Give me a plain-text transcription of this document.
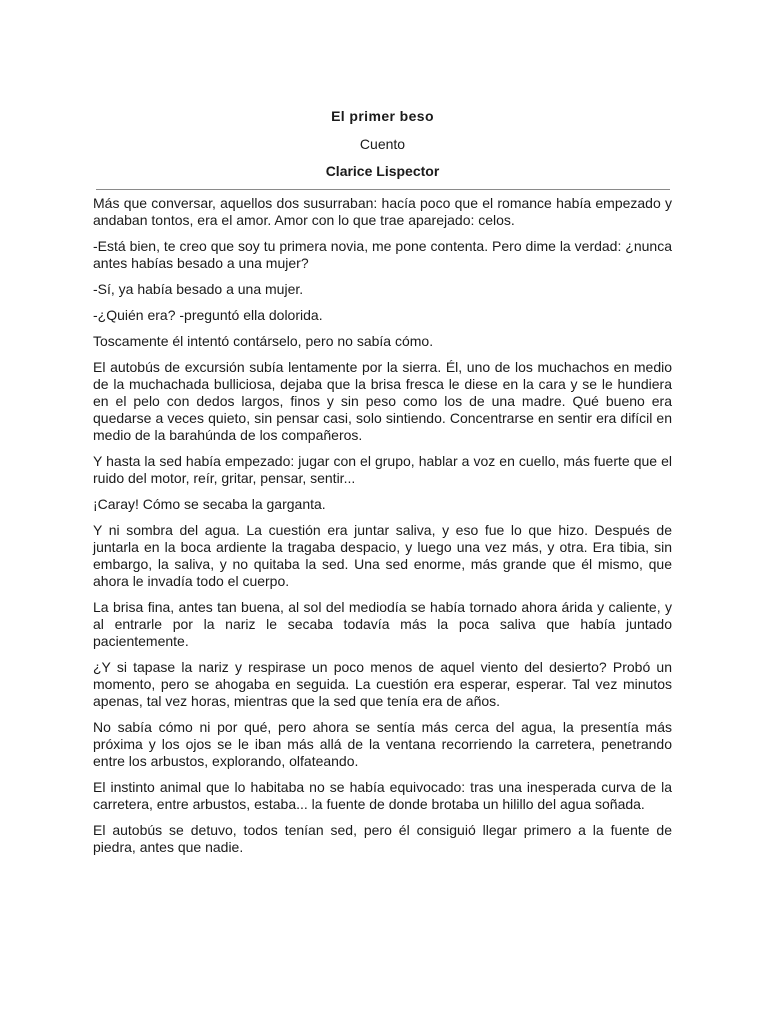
El primer beso
Cuento
Clarice Lispector

Más que conversar, aquellos dos susurraban: hacía poco que el romance había empezado y andaban tontos, era el amor. Amor con lo que trae aparejado: celos.

-Está bien, te creo que soy tu primera novia, me pone contenta. Pero dime la verdad: ¿nunca antes habías besado a una mujer?

-Sí, ya había besado a una mujer.

-¿Quién era? -preguntó ella dolorida.

Toscamente él intentó contárselo, pero no sabía cómo.

El autobús de excursión subía lentamente por la sierra. Él, uno de los muchachos en medio de la muchachada bulliciosa, dejaba que la brisa fresca le diese en la cara y se le hundiera en el pelo con dedos largos, finos y sin peso como los de una madre. Qué bueno era quedarse a veces quieto, sin pensar casi, solo sintiendo. Concentrarse en sentir era difícil en medio de la barahúnda de los compañeros.

Y hasta la sed había empezado: jugar con el grupo, hablar a voz en cuello, más fuerte que el ruido del motor, reír, gritar, pensar, sentir...

¡Caray! Cómo se secaba la garganta.

Y ni sombra del agua. La cuestión era juntar saliva, y eso fue lo que hizo. Después de juntarla en la boca ardiente la tragaba despacio, y luego una vez más, y otra. Era tibia, sin embargo, la saliva, y no quitaba la sed. Una sed enorme, más grande que él mismo, que ahora le invadía todo el cuerpo.

La brisa fina, antes tan buena, al sol del mediodía se había tornado ahora árida y caliente, y al entrarle por la nariz le secaba todavía más la poca saliva que había juntado pacientemente.

¿Y si tapase la nariz y respirase un poco menos de aquel viento del desierto? Probó un momento, pero se ahogaba en seguida. La cuestión era esperar, esperar. Tal vez minutos apenas, tal vez horas, mientras que la sed que tenía era de años.

No sabía cómo ni por qué, pero ahora se sentía más cerca del agua, la presentía más próxima y los ojos se le iban más allá de la ventana recorriendo la carretera, penetrando entre los arbustos, explorando, olfateando.

El instinto animal que lo habitaba no se había equivocado: tras una inesperada curva de la carretera, entre arbustos, estaba... la fuente de donde brotaba un hilillo del agua soñada.

El autobús se detuvo, todos tenían sed, pero él consiguió llegar primero a la fuente de piedra, antes que nadie.
